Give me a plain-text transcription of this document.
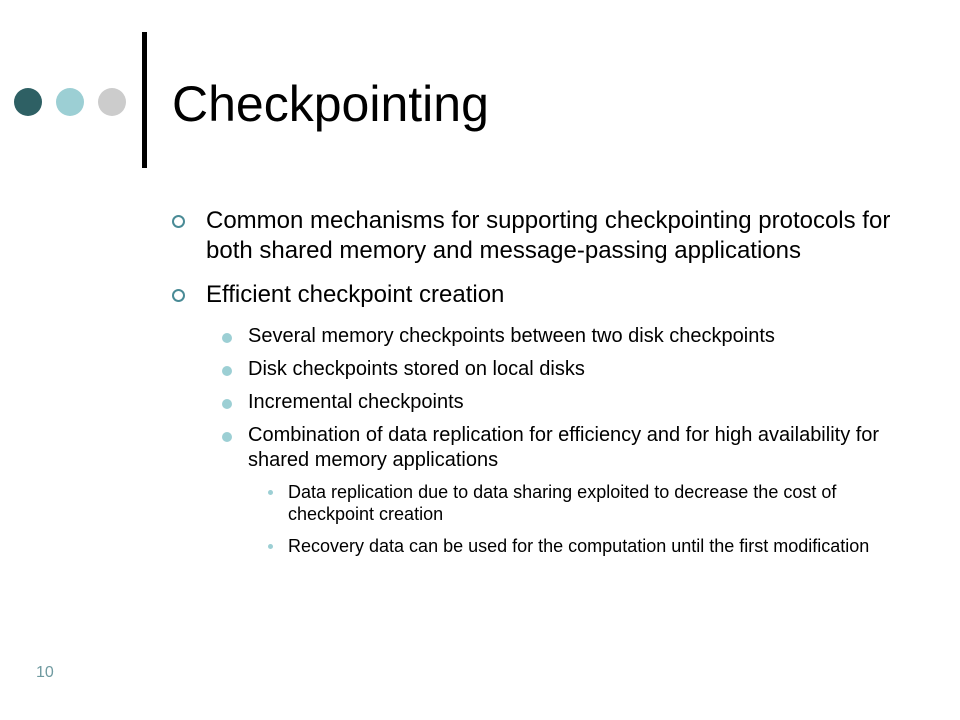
Checkpointing
Common mechanisms for supporting checkpointing protocols for both shared memory and message-passing applications
Efficient checkpoint creation
Several memory checkpoints between two disk checkpoints
Disk checkpoints stored on local disks
Incremental checkpoints
Combination of data replication for efficiency and for high availability for shared memory applications
Data replication due to data sharing exploited to decrease the cost of checkpoint creation
Recovery data can be used for the computation until the first modification
10
